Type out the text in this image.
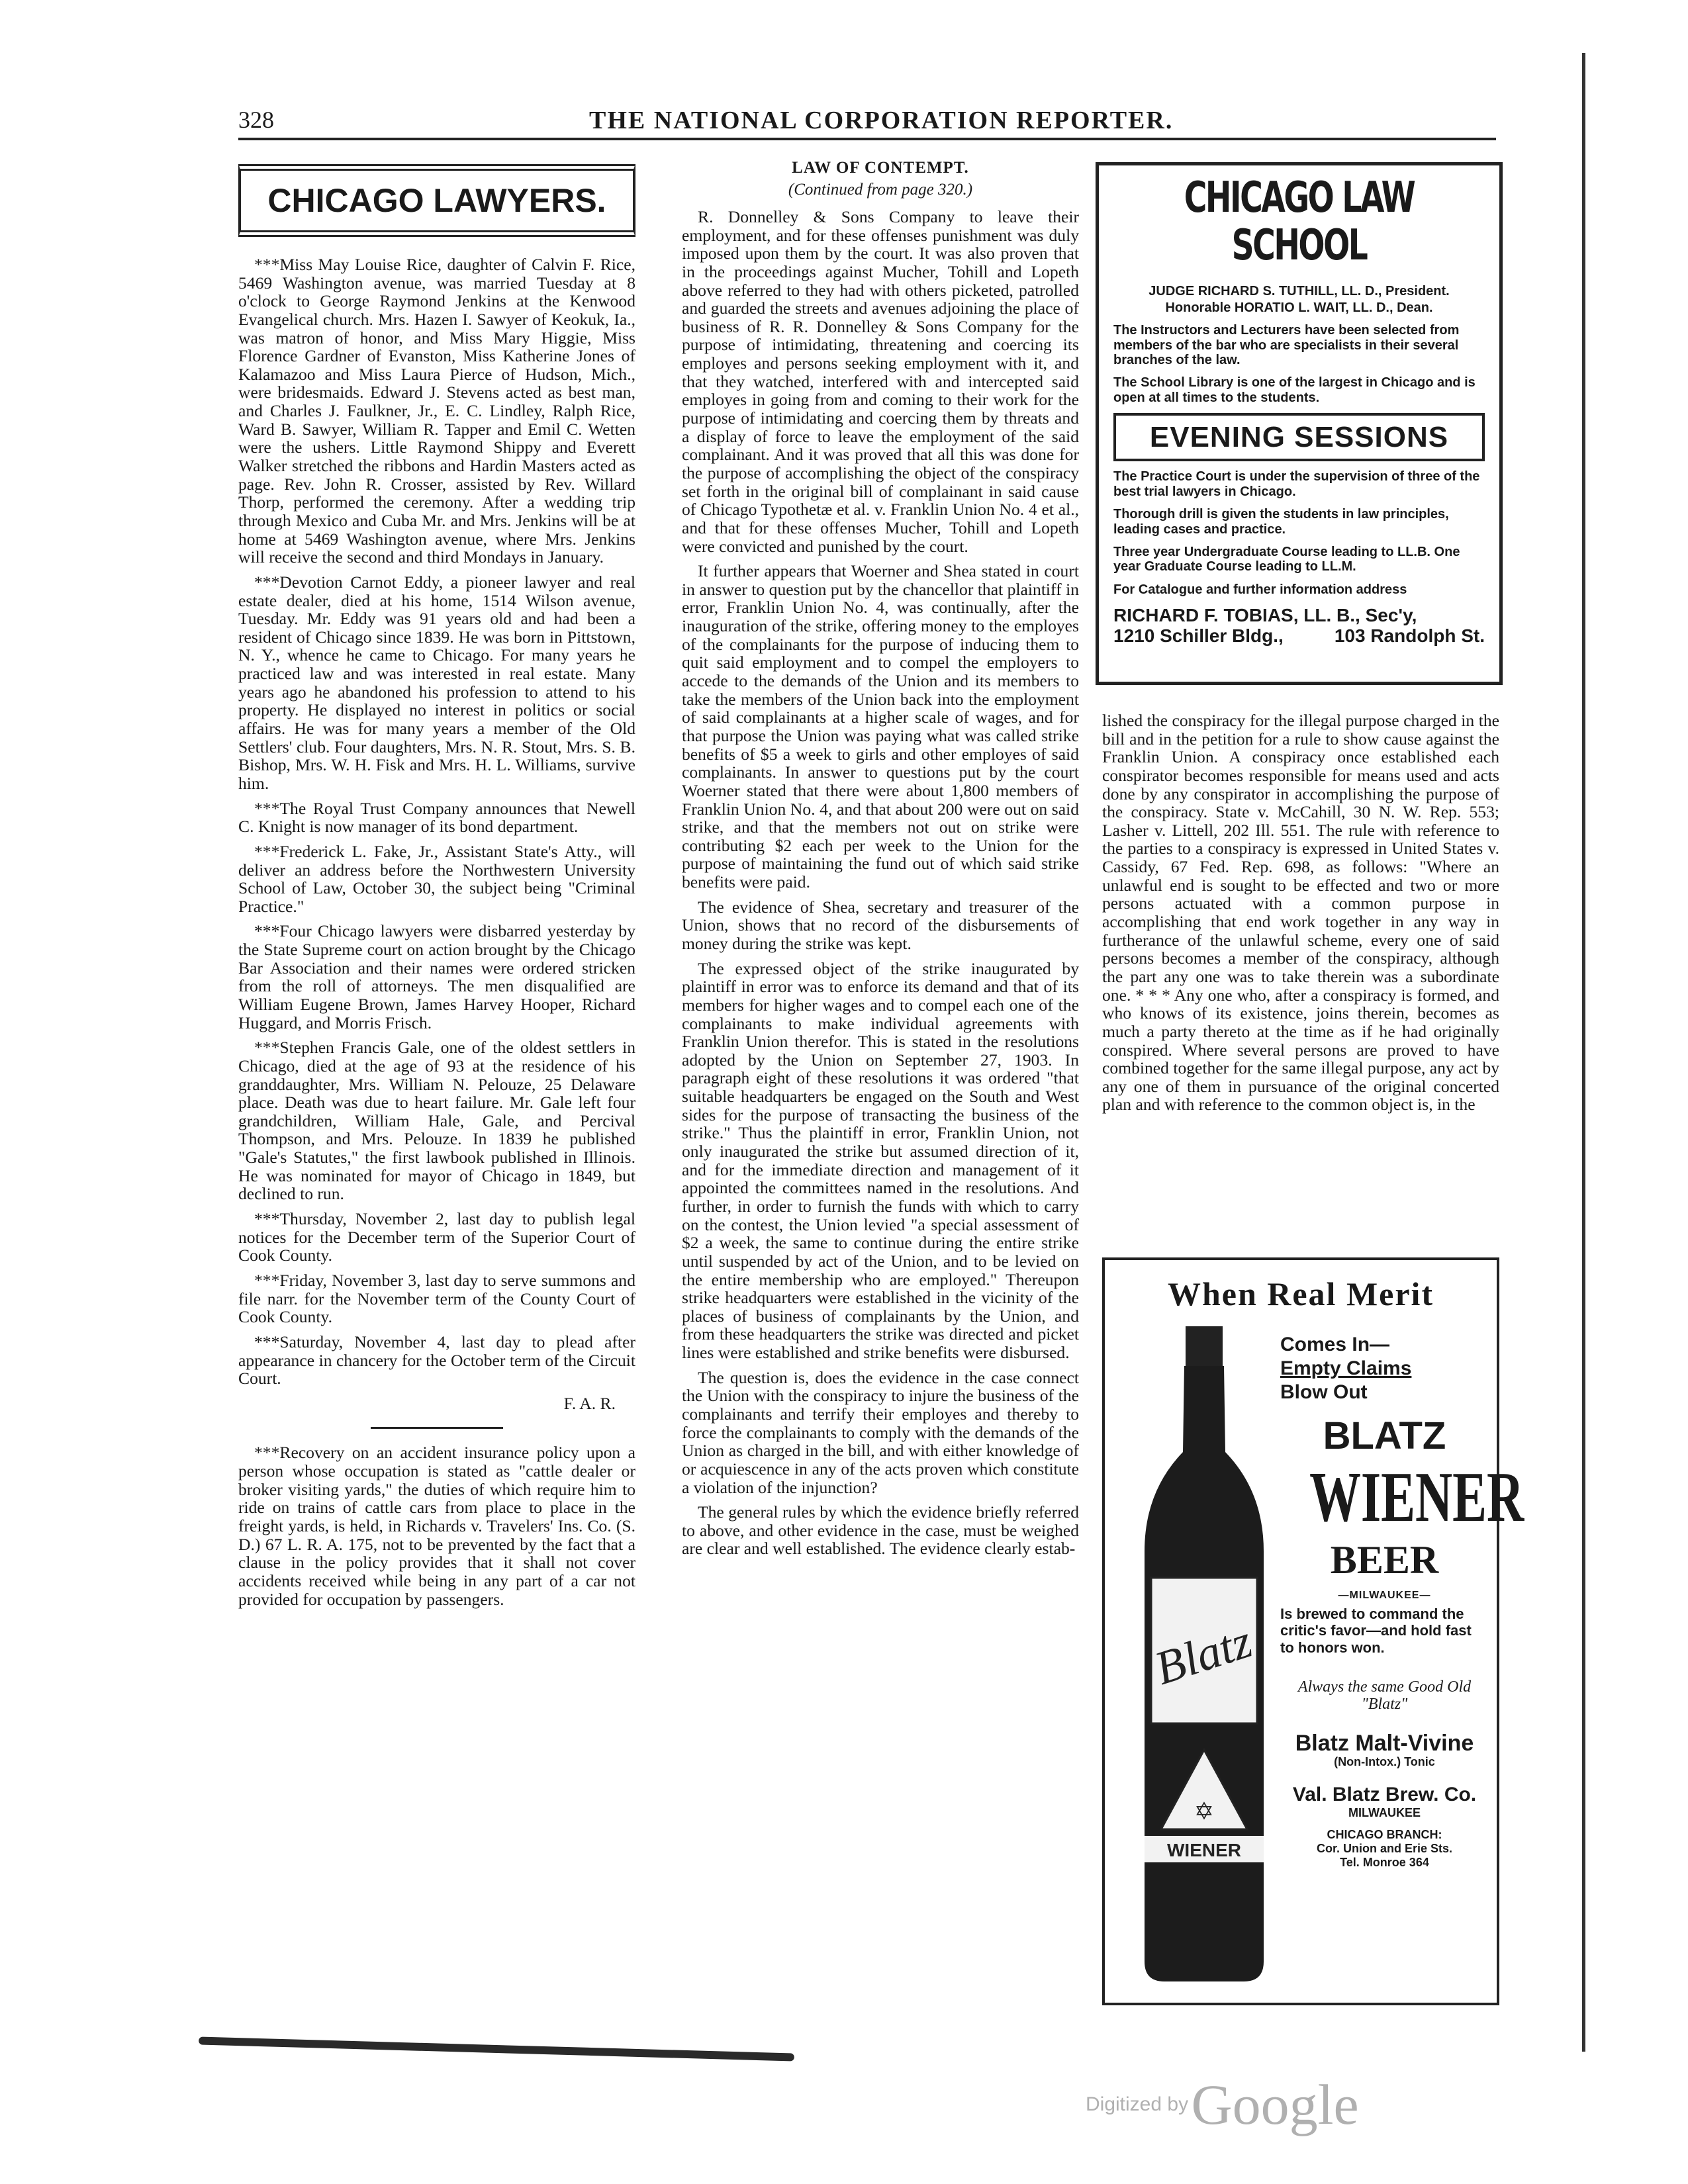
328	THE NATIONAL CORPORATION REPORTER.
CHICAGO LAWYERS.

***Miss May Louise Rice, daughter of Calvin F. Rice, 5469 Washington avenue, was married Tuesday at 8 o'clock to George Raymond Jenkins at the Kenwood Evangelical church. Mrs. Hazen I. Sawyer of Keokuk, Ia., was matron of honor, and Miss Mary Higgie, Miss Florence Gardner of Evanston, Miss Katherine Jones of Kalamazoo and Miss Laura Pierce of Hudson, Mich., were bridesmaids. Edward J. Stevens acted as best man, and Charles J. Faulkner, Jr., E. C. Lindley, Ralph Rice, Ward B. Sawyer, William R. Tapper and Emil C. Wetten were the ushers. Little Raymond Shippy and Everett Walker stretched the ribbons and Hardin Masters acted as page. Rev. John R. Crosser, assisted by Rev. Willard Thorp, performed the ceremony. After a wedding trip through Mexico and Cuba Mr. and Mrs. Jenkins will be at home at 5469 Washington avenue, where Mrs. Jenkins will receive the second and third Mondays in January.

***Devotion Carnot Eddy, a pioneer lawyer and real estate dealer, died at his home, 1514 Wilson avenue, Tuesday. Mr. Eddy was 91 years old and had been a resident of Chicago since 1839. He was born in Pittstown, N. Y., whence he came to Chicago. For many years he practiced law and was interested in real estate. Many years ago he abandoned his profession to attend to his property. He displayed no interest in politics or social affairs. He was for many years a member of the Old Settlers' club. Four daughters, Mrs. N. R. Stout, Mrs. S. B. Bishop, Mrs. W. H. Fisk and Mrs. H. L. Williams, survive him.

***The Royal Trust Company announces that Newell C. Knight is now manager of its bond department.

***Frederick L. Fake, Jr., Assistant State's Atty., will deliver an address before the Northwestern University School of Law, October 30, the subject being "Criminal Practice."

***Four Chicago lawyers were disbarred yesterday by the State Supreme court on action brought by the Chicago Bar Association and their names were ordered stricken from the roll of attorneys. The men disqualified are William Eugene Brown, James Harvey Hooper, Richard Huggard, and Morris Frisch.

***Stephen Francis Gale, one of the oldest settlers in Chicago, died at the age of 93 at the residence of his granddaughter, Mrs. William N. Pelouze, 25 Delaware place. Death was due to heart failure. Mr. Gale left four grandchildren, William Hale, Gale, and Percival Thompson, and Mrs. Pelouze. In 1839 he published "Gale's Statutes," the first lawbook published in Illinois. He was nominated for mayor of Chicago in 1849, but declined to run.

***Thursday, November 2, last day to publish legal notices for the December term of the Superior Court of Cook County.

***Friday, November 3, last day to serve summons and file narr. for the November term of the County Court of Cook County.

***Saturday, November 4, last day to plead after appearance in chancery for the October term of the Circuit Court.

F. A. R.

***Recovery on an accident insurance policy upon a person whose occupation is stated as "cattle dealer or broker visiting yards," the duties of which require him to ride on trains of cattle cars from place to place in the freight yards, is held, in Richards v. Travelers' Ins. Co. (S. D.) 67 L. R. A. 175, not to be prevented by the fact that a clause in the policy provides that it shall not cover accidents received while being in any part of a car not provided for occupation by passengers.

LAW OF CONTEMPT.
(Continued from page 320.)

R. Donnelley & Sons Company to leave their employment, and for these offenses punishment was duly imposed upon them by the court. It was also proven that in the proceedings against Mucher, Tohill and Lopeth above referred to they had with others picketed, patrolled and guarded the streets and avenues adjoining the place of business of R. R. Donnelley & Sons Company for the purpose of intimidating, threatening and coercing its employes and persons seeking employment with it, and that they watched, interfered with and intercepted said employes in going from and coming to their work for the purpose of intimidating and coercing them by threats and a display of force to leave the employment of the said complainant. And it was proved that all this was done for the purpose of accomplishing the object of the conspiracy set forth in the original bill of complainant in said cause of Chicago Typothetæ et al. v. Franklin Union No. 4 et al., and that for these offenses Mucher, Tohill and Lopeth were convicted and punished by the court.

It further appears that Woerner and Shea stated in court in answer to question put by the chancellor that plaintiff in error, Franklin Union No. 4, was continually, after the inauguration of the strike, offering money to the employes of the complainants for the purpose of inducing them to quit said employment and to compel the employers to accede to the demands of the Union and its members to take the members of the Union back into the employment of said complainants at a higher scale of wages, and for that purpose the Union was paying what was called strike benefits of $5 a week to girls and other employes of said complainants. In answer to questions put by the court Woerner stated that there were about 1,800 members of Franklin Union No. 4, and that about 200 were out on said strike, and that the members not out on strike were contributing $2 each per week to the Union for the purpose of maintaining the fund out of which said strike benefits were paid.

The evidence of Shea, secretary and treasurer of the Union, shows that no record of the disbursements of money during the strike was kept.

The expressed object of the strike inaugurated by plaintiff in error was to enforce its demand and that of its members for higher wages and to compel each one of the complainants to make individual agreements with Franklin Union therefor. This is stated in the resolutions adopted by the Union on September 27, 1903. In paragraph eight of these resolutions it was ordered "that suitable headquarters be engaged on the South and West sides for the purpose of transacting the business of the strike." Thus the plaintiff in error, Franklin Union, not only inaugurated the strike but assumed direction of it, and for the immediate direction and management of it appointed the committees named in the resolutions. And further, in order to furnish the funds with which to carry on the contest, the Union levied "a special assessment of $2 a week, the same to continue during the entire strike until suspended by act of the Union, and to be levied on the entire membership who are employed." Thereupon strike headquarters were established in the vicinity of the places of business of complainants by the Union, and from these headquarters the strike was directed and picket lines were established and strike benefits were disbursed.

The question is, does the evidence in the case connect the Union with the conspiracy to injure the business of the complainants and terrify their employes and thereby to force the complainants to comply with the demands of the Union as charged in the bill, and with either knowledge of or acquiescence in any of the acts proven which constitute a violation of the injunction?

The general rules by which the evidence briefly referred to above, and other evidence in the case, must be weighed are clear and well established. The evidence clearly estab-

CHICAGO LAW SCHOOL
JUDGE RICHARD S. TUTHILL, LL. D., President.
Honorable HORATIO L. WAIT, LL. D., Dean.
The Instructors and Lecturers have been selected from members of the bar who are specialists in their several branches of the law.
The School Library is one of the largest in Chicago and is open at all times to the students.
EVENING SESSIONS
The Practice Court is under the supervision of three of the best trial lawyers in Chicago.
Thorough drill is given the students in law principles, leading cases and practice.
Three year Undergraduate Course leading to LL.B. One year Graduate Course leading to LL.M.
For Catalogue and further information address
RICHARD F. TOBIAS, LL. B., Sec'y,
1210 Schiller Bldg.,	103 Randolph St.

lished the conspiracy for the illegal purpose charged in the bill and in the petition for a rule to show cause against the Franklin Union. A conspiracy once established each conspirator becomes responsible for means used and acts done by any conspirator in accomplishing the purpose of the conspiracy. State v. McCahill, 30 N. W. Rep. 553; Lasher v. Littell, 202 Ill. 551. The rule with reference to the parties to a conspiracy is expressed in United States v. Cassidy, 67 Fed. Rep. 698, as follows: "Where an unlawful end is sought to be effected and two or more persons actuated with a common purpose in accomplishing that end work together in any way in furtherance of the unlawful scheme, every one of said persons becomes a member of the conspiracy, although the part any one was to take therein was a subordinate one. * * * Any one who, after a conspiracy is formed, and who knows of its existence, joins therein, becomes as much a party thereto at the time as if he had originally conspired. Where several persons are proved to have combined together for the same illegal purpose, any act by any one of them in pursuance of the original concerted plan and with reference to the common object is, in the

When Real Merit
Blatz
✡
WIENER
Comes In—
Empty Claims
Blow Out
BLATZ
WIENER
BEER
—MILWAUKEE—
Is brewed to command the critic's favor—and hold fast to honors won.
Always the same Good Old "Blatz"
Blatz Malt-Vivine
(Non-Intox.) Tonic
Val. Blatz Brew. Co.
MILWAUKEE
CHICAGO BRANCH:
Cor. Union and Erie Sts.
Tel. Monroe 364
Digitized by Google
